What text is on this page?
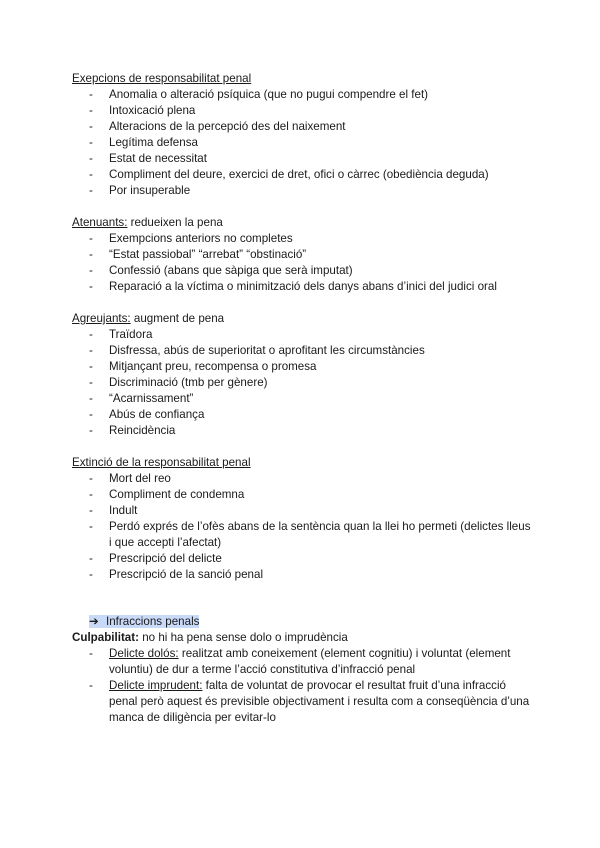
Exepcions de responsabilitat penal
- Anomalia o alteració psíquica (que no pugui compendre el fet)
- Intoxicació plena
- Alteracions de la percepció des del naixement
- Legítima defensa
- Estat de necessitat
- Compliment del deure, exercici de dret, ofici o càrrec (obediència deguda)
- Por insuperable
Atenuants: redueixen la pena
- Exempcions anteriors no completes
- “Estat passiobal” “arrebat” “obstinació”
- Confessió (abans que sàpiga que serà imputat)
- Reparació a la víctima o minimització dels danys abans d’inici del judici oral
Agreujants: augment de pena
- Traïdora
- Disfressa, abús de superioritat o aprofitant les circumstàncies
- Mitjançant preu, recompensa o promesa
- Discriminació (tmb per gènere)
- “Acarnissament”
- Abús de confiança
- Reincidència
Extinció de la responsabilitat penal
- Mort del reo
- Compliment de condemna
- Indult
- Perdó exprés de l’ofès abans de la sentència quan la llei ho permeti (delictes lleus i que accepti l’afectat)
- Prescripció del delicte
- Prescripció de la sanció penal
➔ Infraccions penals
Culpabilitat: no hi ha pena sense dolo o imprudència
- Delicte dolós: realitzat amb coneixement (element cognitiu) i voluntat (element voluntiu) de dur a terme l’acció constitutiva d’infracció penal
- Delicte imprudent: falta de voluntat de provocar el resultat fruit d’una infracció penal però aquest és previsible objectivament i resulta com a conseqüència d’una manca de diligència per evitar-lo
